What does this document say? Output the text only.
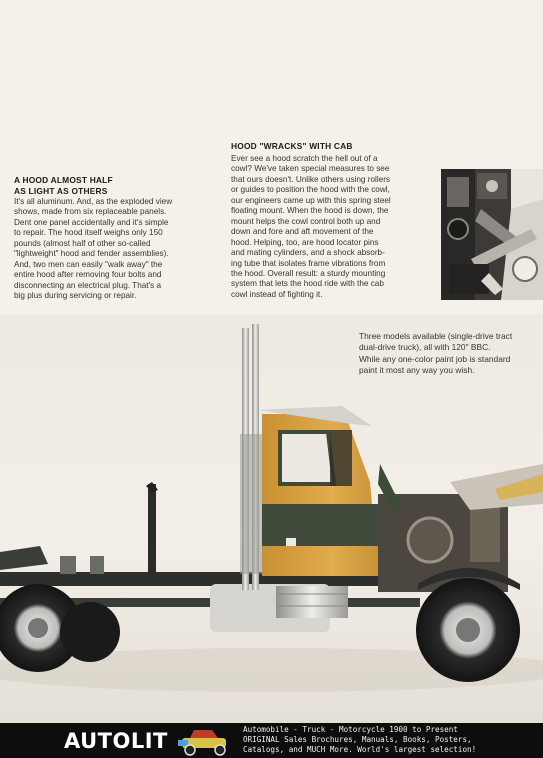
A HOOD ALMOST HALF
AS LIGHT AS OTHERS
It's all aluminum. And, as the exploded view
shows, made from six replaceable panels.
Dent one panel accidentally and it's simple
to repair. The hood itself weighs only 150
pounds (almost half of other so-called
"lightweight" hood and fender assemblies).
And, two men can easily "walk away" the
entire hood after removing four bolts and
disconnecting an electrical plug. That's a
big plus during servicing or repair.
HOOD "WRACKS" WITH CAB
Ever see a hood scratch the hell out of a
cowl? We've taken special measures to see
that ours doesn't. Unlike others using rollers
or guides to position the hood with the cowl,
our engineers came up with this spring steel
floating mount. When the hood is down, the
mount helps the cowl control both up and
down and fore and aft movement of the
hood. Helping, too, are hood locator pins
and mating cylinders, and a shock absorb-
ing tube that isolates frame vibrations from
the hood. Overall result: a sturdy mounting
system that lets the hood ride with the cab
cowl instead of fighting it.
Three models available (single-drive tract
dual-drive truck), all with 120" BBC.
While any one-color paint job is standard
paint it most any way you wish.
AUTOLIT	Automobile - Truck - Motorcycle 1900 to Present
ORIGINAL Sales Brochures, Manuals, Books, Posters,
Catalogs, and MUCH More. World's largest selection!
